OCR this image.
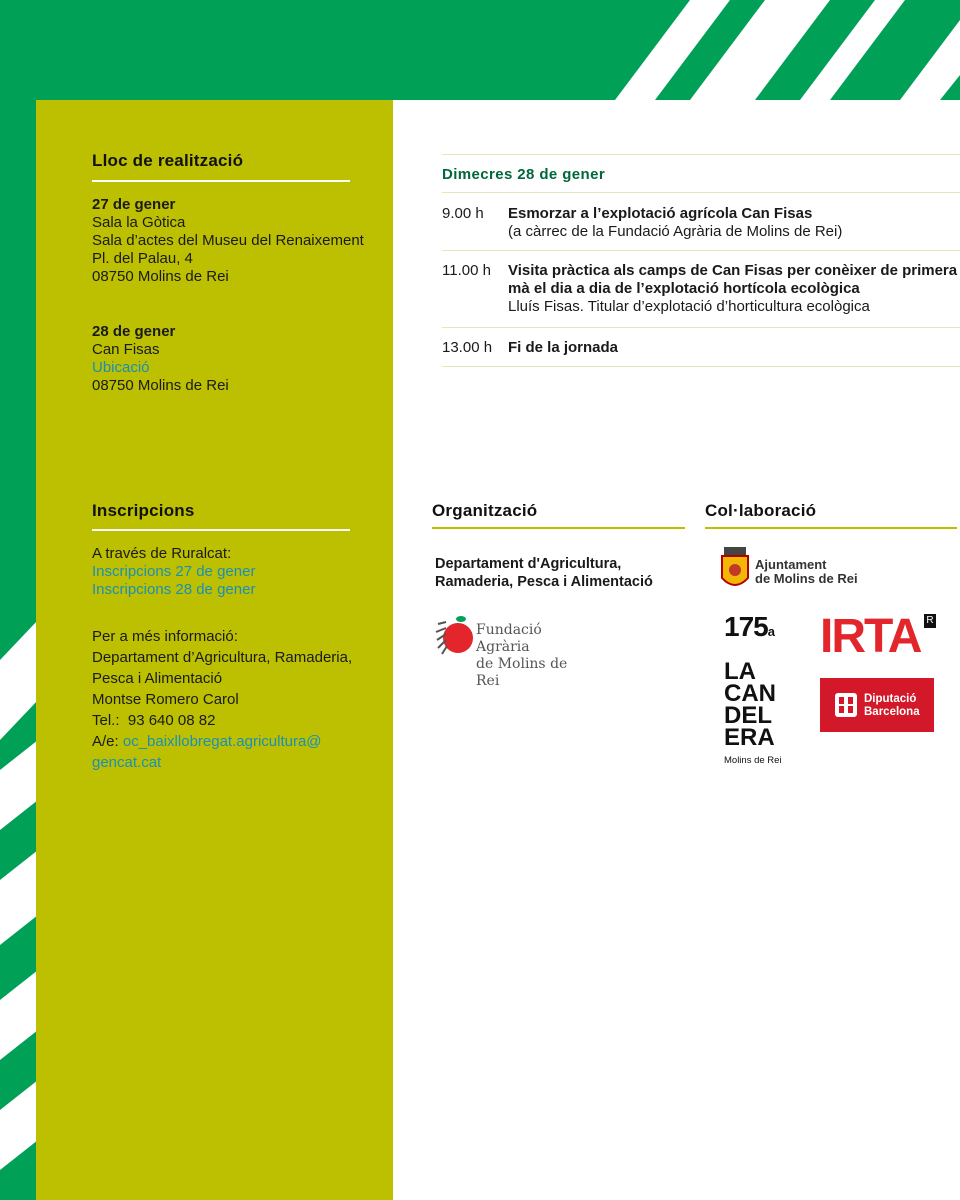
Lloc de realització
27 de gener
Sala la Gòtica
Sala d’actes del Museu del Renaixement
Pl. del Palau, 4
08750 Molins de Rei
28 de gener
Can Fisas
Ubicació
08750 Molins de Rei
Inscripcions
A través de Ruralcat:
Inscripcions 27 de gener
Inscripcions 28 de gener
Per a més informació:
Departament d’Agricultura, Ramaderia,
Pesca i Alimentació
Montse Romero Carol
Tel.: 93 640 08 82
A/e: oc_baixllobregat.agricultura@
gencat.cat
Dimecres 28 de gener
9.00 h Esmorzar a l’explotació agrícola Can Fisas
(a càrrec de la Fundació Agrària de Molins de Rei)
11.00 h Visita pràctica als camps de Can Fisas per conèixer de primera
mà el dia a dia de l’explotació hortícola ecològica
Lluís Fisas. Titular d’explotació d’horticultura ecològica
13.00 h Fi de la jornada
Organització
Departament d'Agricultura,
Ramaderia, Pesca i Alimentació
Fundació Agrària
de Molins de Rei
Col·laboració
Ajuntament
de Molins de Rei
175a
LA
CAN
DEL
ERA
Molins de Rei
IRTA R
Diputació
Barcelona
